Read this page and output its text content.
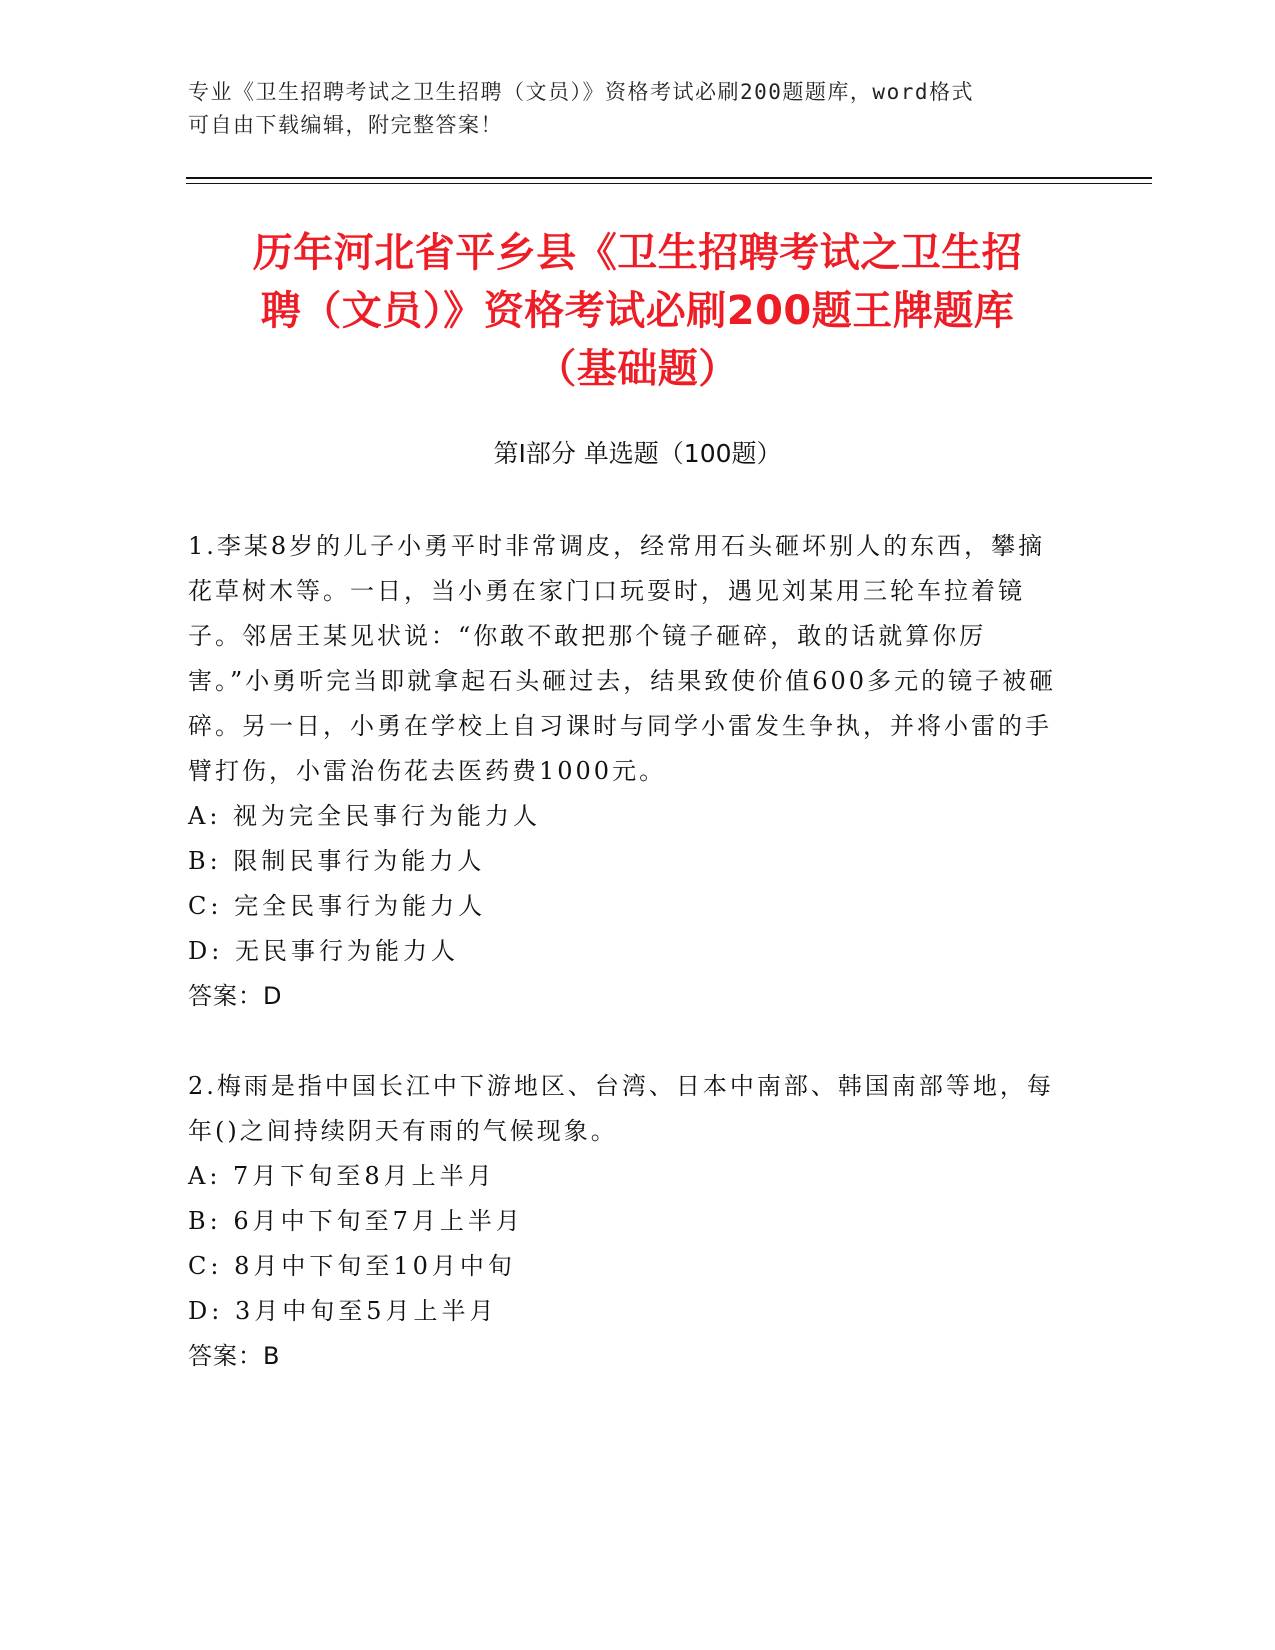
专业《卫生招聘考试之卫生招聘（文员）》资格考试必刷200题题库，word格式
可自由下载编辑，附完整答案！
历年河北省平乡县《卫生招聘考试之卫生招
聘（文员）》资格考试必刷200题王牌题库
（基础题）
第Ⅰ部分 单选题（100题）

1.李某8岁的儿子小勇平时非常调皮，经常用石头砸坏别人的东西，攀摘花草树木等。一日，当小勇在家门口玩耍时，遇见刘某用三轮车拉着镜子。邻居王某见状说：“你敢不敢把那个镜子砸碎，敢的话就算你厉害。”小勇听完当即就拿起石头砸过去，结果致使价值600多元的镜子被砸碎。另一日，小勇在学校上自习课时与同学小雷发生争执，并将小雷的手臂打伤，小雷治伤花去医药费1000元。

A: 视为完全民事行为能力人

B: 限制民事行为能力人

C: 完全民事行为能力人

D: 无民事行为能力人

答案：D

2.梅雨是指中国长江中下游地区、台湾、日本中南部、韩国南部等地，每年()之间持续阴天有雨的气候现象。

A: 7月下旬至8月上半月

B: 6月中下旬至7月上半月

C: 8月中下旬至10月中旬

D: 3月中旬至5月上半月

答案：B
